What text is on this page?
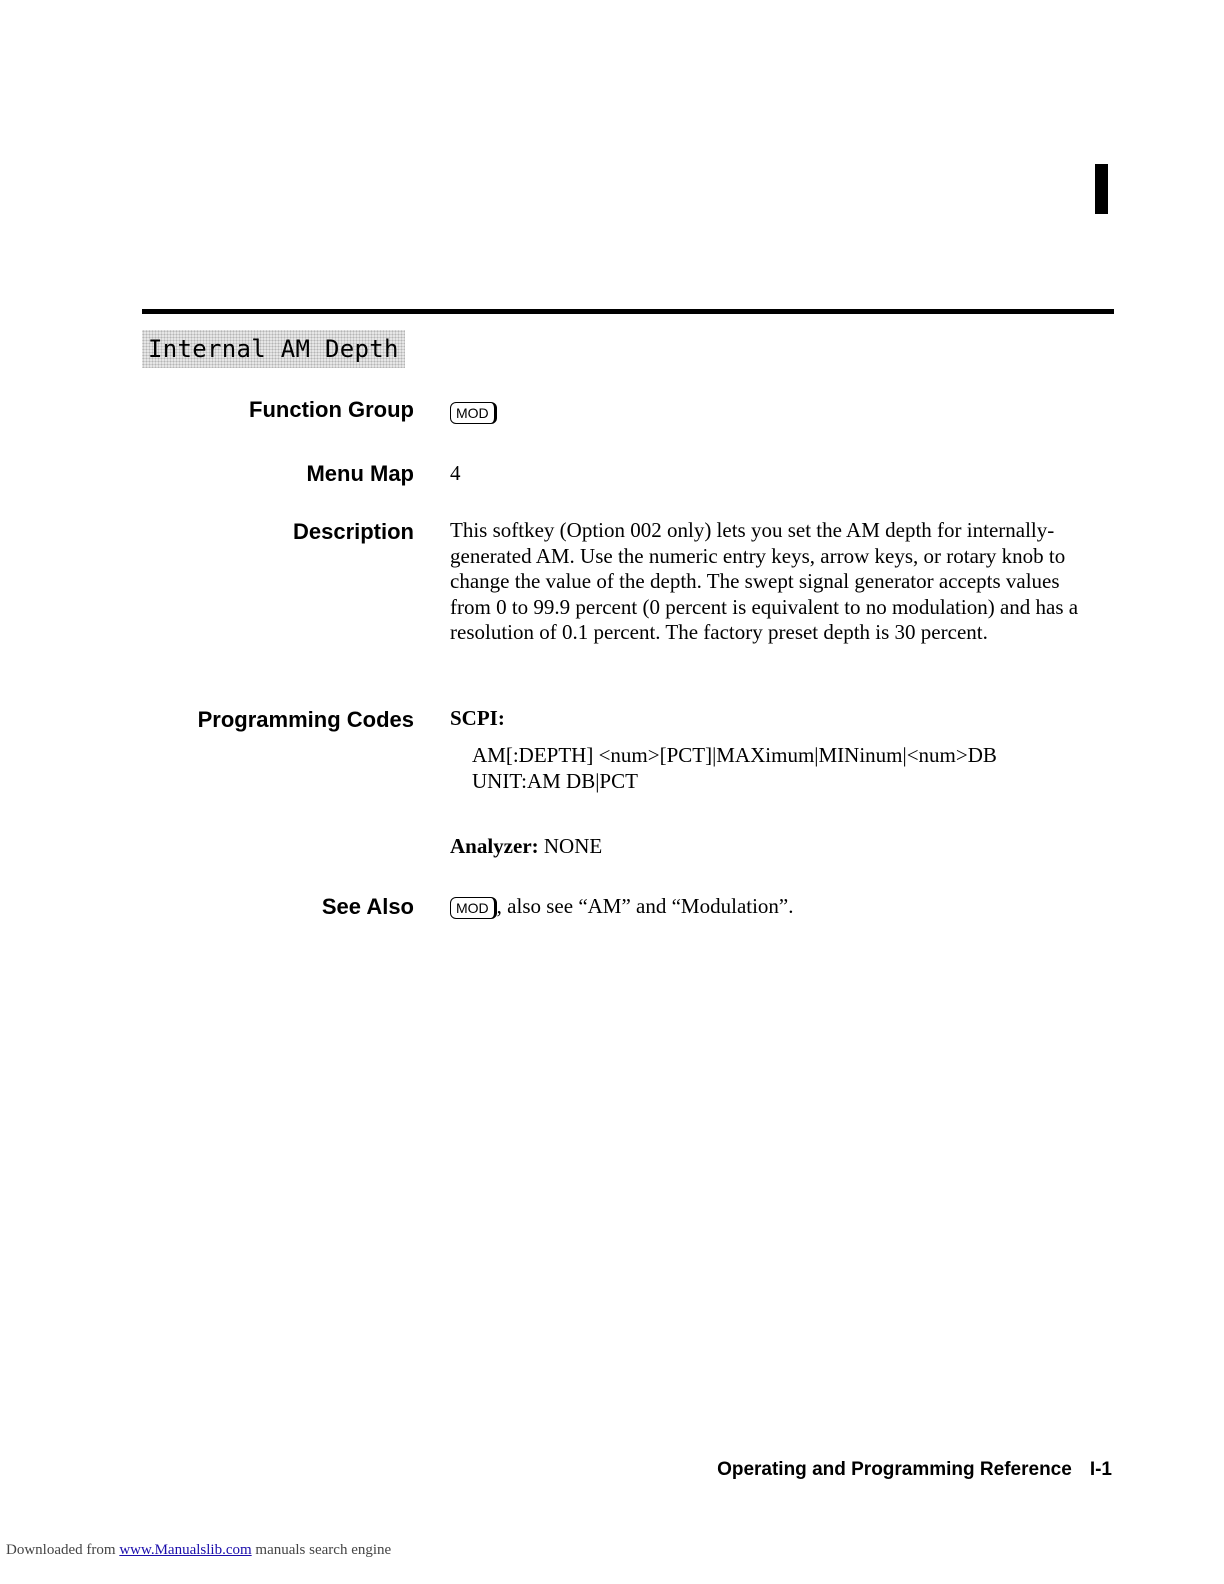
Internal AM Depth
Function Group	MOD
Menu Map 4
Description This softkey (Option 002 only) lets you set the AM depth for internally-generated AM. Use the numeric entry keys, arrow keys, or rotary knob to change the value of the depth. The swept signal generator accepts values from 0 to 99.9 percent (0 percent is equivalent to no modulation) and has a resolution of 0.1 percent. The factory preset depth is 30 percent.
Programming Codes SCPI:
AM[:DEPTH] <num>[PCT]|MAXimum|MINinum|<num>DB
UNIT:AM DB|PCT
Analyzer: NONE
See Also	MOD , also see “AM” and “Modulation”.
Operating and Programming Reference I-1
Downloaded from www.Manualslib.com manuals search engine
